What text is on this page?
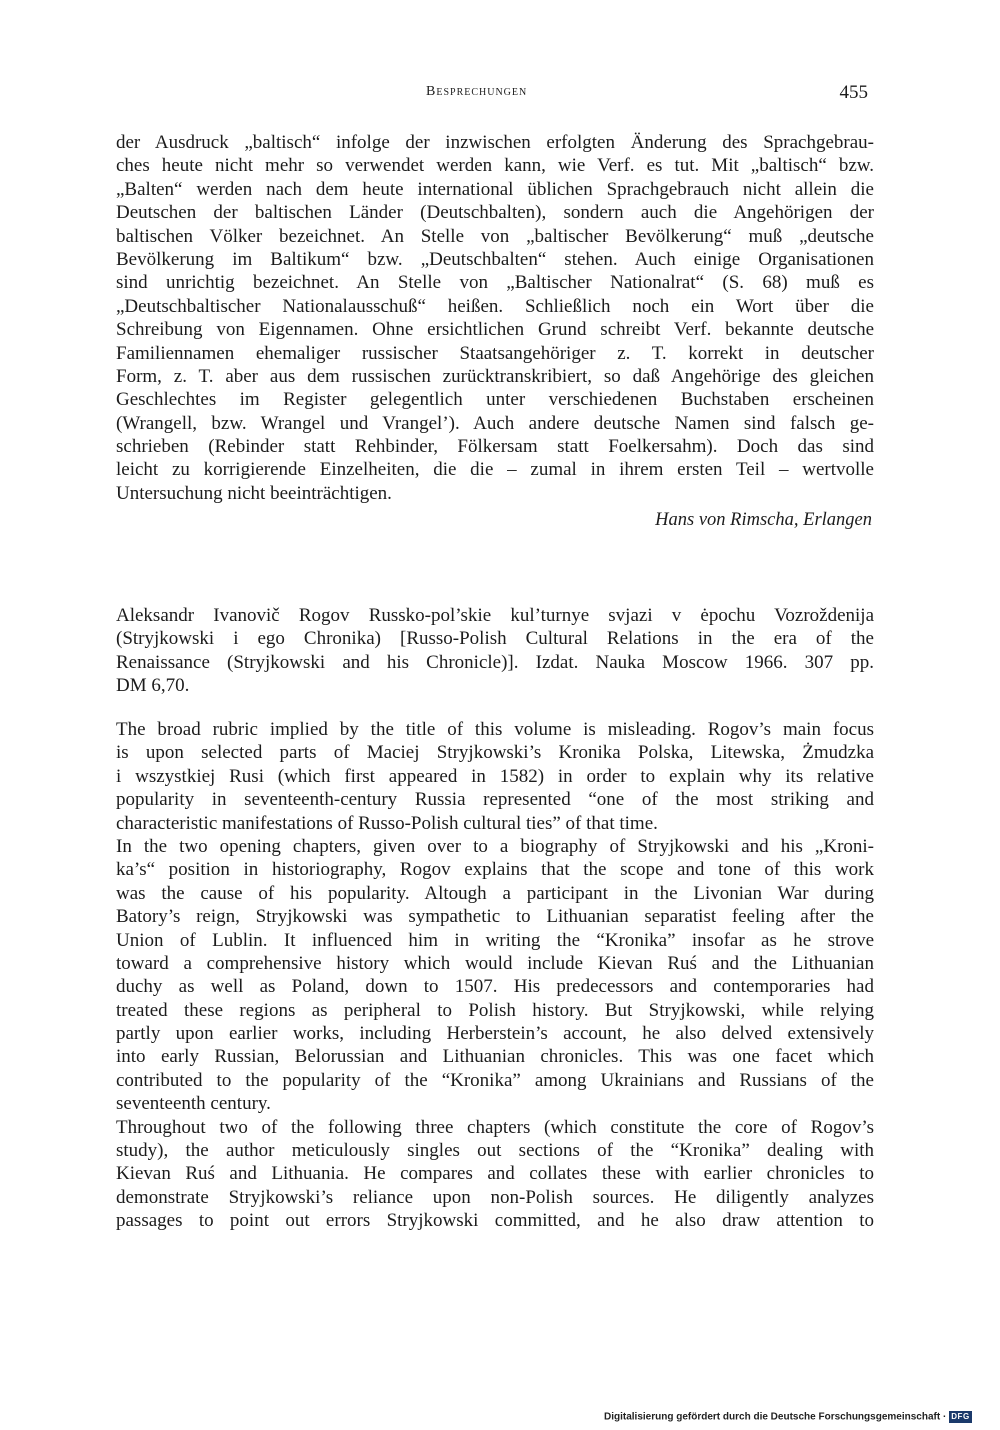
Besprechungen	455
der Ausdruck „baltisch“ infolge der inzwischen erfolgten Änderung des Sprachgebrau-
ches heute nicht mehr so verwendet werden kann, wie Verf. es tut. Mit „baltisch“ bzw.
„Balten“ werden nach dem heute international üblichen Sprachgebrauch nicht allein die
Deutschen der baltischen Länder (Deutschbalten), sondern auch die Angehörigen der
baltischen Völker bezeichnet. An Stelle von „baltischer Bevölkerung“ muß „deutsche
Bevölkerung im Baltikum“ bzw. „Deutschbalten“ stehen. Auch einige Organisationen
sind unrichtig bezeichnet. An Stelle von „Baltischer Nationalrat“ (S. 68) muß es
„Deutschbaltischer Nationalausschuß“ heißen. Schließlich noch ein Wort über die
Schreibung von Eigennamen. Ohne ersichtlichen Grund schreibt Verf. bekannte deutsche
Familiennamen ehemaliger russischer Staatsangehöriger z. T. korrekt in deutscher
Form, z. T. aber aus dem russischen zurücktranskribiert, so daß Angehörige des gleichen
Geschlechtes im Register gelegentlich unter verschiedenen Buchstaben erscheinen
(Wrangell, bzw. Wrangel und Vrangel’). Auch andere deutsche Namen sind falsch ge-
schrieben (Rebinder statt Rehbinder, Fölkersam statt Foelkersahm). Doch das sind
leicht zu korrigierende Einzelheiten, die die – zumal in ihrem ersten Teil – wertvolle
Untersuchung nicht beeinträchtigen.
Hans von Rimscha, Erlangen
Aleksandr Ivanovič Rogov Russko-pol’skie kul’turnye svjazi v ėpochu Vozroždenija
(Stryjkowski i ego Chronika) [Russo-Polish Cultural Relations in the era of the
Renaissance (Stryjkowski and his Chronicle)]. Izdat. Nauka Moscow 1966. 307 pp.
DM 6,70.
The broad rubric implied by the title of this volume is misleading. Rogov’s main focus
is upon selected parts of Maciej Stryjkowski’s Kronika Polska, Litewska, Żmudzka
i wszystkiej Rusi (which first appeared in 1582) in order to explain why its relative
popularity in seventeenth-century Russia represented “one of the most striking and
characteristic manifestations of Russo-Polish cultural ties” of that time.
In the two opening chapters, given over to a biography of Stryjkowski and his „Kroni-
ka’s“ position in historiography, Rogov explains that the scope and tone of this work
was the cause of his popularity. Altough a participant in the Livonian War during
Batory’s reign, Stryjkowski was sympathetic to Lithuanian separatist feeling after the
Union of Lublin. It influenced him in writing the “Kronika” insofar as he strove
toward a comprehensive history which would include Kievan Ruś and the Lithuanian
duchy as well as Poland, down to 1507. His predecessors and contemporaries had
treated these regions as peripheral to Polish history. But Stryjkowski, while relying
partly upon earlier works, including Herberstein’s account, he also delved extensively
into early Russian, Belorussian and Lithuanian chronicles. This was one facet which
contributed to the popularity of the “Kronika” among Ukrainians and Russians of the
seventeenth century.
Throughout two of the following three chapters (which constitute the core of Rogov’s
study), the author meticulously singles out sections of the “Kronika” dealing with
Kievan Ruś and Lithuania. He compares and collates these with earlier chronicles to
demonstrate Stryjkowski’s reliance upon non-Polish sources. He diligently analyzes
passages to point out errors Stryjkowski committed, and he also draw attention to
Digitalisierung gefördert durch die Deutsche Forschungsgemeinschaft · DFG
